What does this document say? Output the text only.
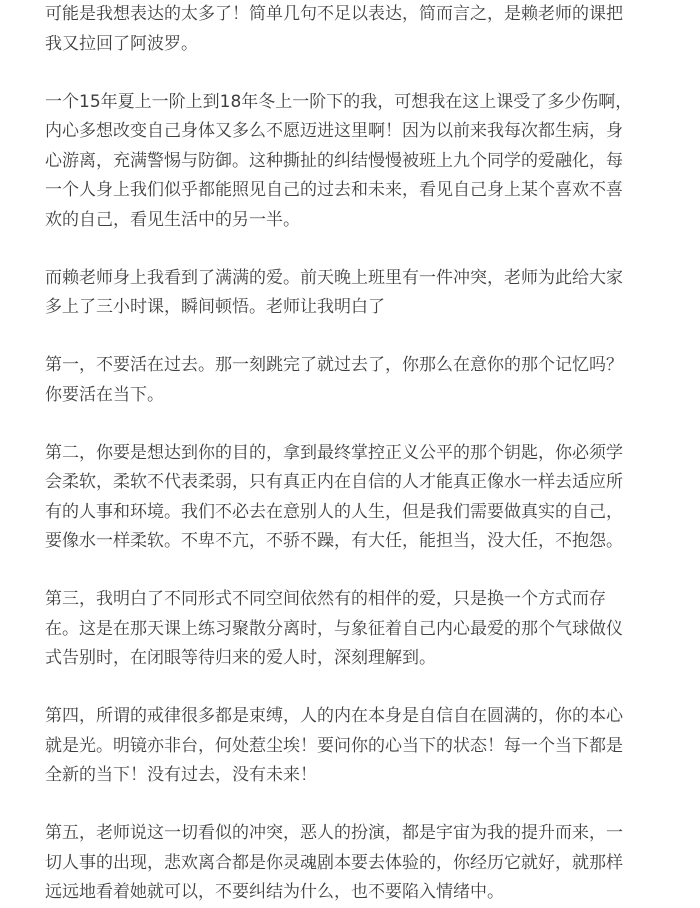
可能是我想表达的太多了！简单几句不足以表达，简而言之，是赖老师的课把
我又拉回了阿波罗。

一个15年夏上一阶上到18年冬上一阶下的我，可想我在这上课受了多少伤啊，
内心多想改变自己身体又多么不愿迈进这里啊！因为以前来我每次都生病，身
心游离，充满警惕与防御。这种撕扯的纠结慢慢被班上九个同学的爱融化，每
一个人身上我们似乎都能照见自己的过去和未来，看见自己身上某个喜欢不喜
欢的自己，看见生活中的另一半。

而赖老师身上我看到了满满的爱。前天晚上班里有一件冲突，老师为此给大家
多上了三小时课，瞬间顿悟。老师让我明白了

第一，不要活在过去。那一刻跳完了就过去了，你那么在意你的那个记忆吗？
你要活在当下。

第二，你要是想达到你的目的，拿到最终掌控正义公平的那个钥匙，你必须学
会柔软，柔软不代表柔弱，只有真正内在自信的人才能真正像水一样去适应所
有的人事和环境。我们不必去在意别人的人生，但是我们需要做真实的自己，
要像水一样柔软。不卑不亢，不骄不躁，有大任，能担当，没大任，不抱怨。

第三，我明白了不同形式不同空间依然有的相伴的爱，只是换一个方式而存
在。这是在那天课上练习聚散分离时，与象征着自己内心最爱的那个气球做仪
式告别时，在闭眼等待归来的爱人时，深刻理解到。

第四，所谓的戒律很多都是束缚，人的内在本身是自信自在圆满的，你的本心
就是光。明镜亦非台，何处惹尘埃！要问你的心当下的状态！每一个当下都是
全新的当下！没有过去，没有未来！

第五，老师说这一切看似的冲突，恶人的扮演，都是宇宙为我的提升而来，一
切人事的出现，悲欢离合都是你灵魂剧本要去体验的，你经历它就好，就那样
远远地看着她就可以，不要纠结为什么，也不要陷入情绪中。
